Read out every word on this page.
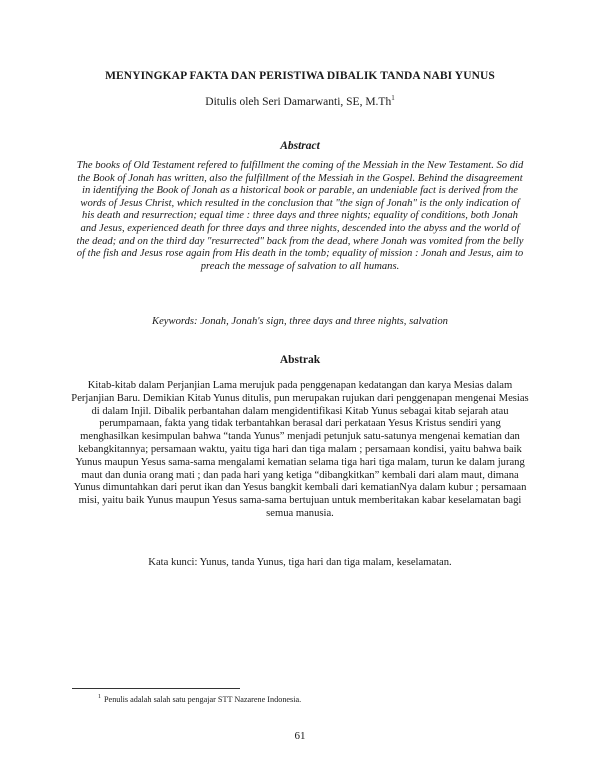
MENYINGKAP FAKTA DAN PERISTIWA DIBALIK TANDA NABI YUNUS
Ditulis oleh Seri Damarwanti, SE, M.Th$^1$
Abstract
The books of Old Testament refered to fulfillment the coming of the Messiah in the New Testament. So did the Book of Jonah has written, also the fulfillment of the Messiah in the Gospel. Behind the disagreement in identifying the Book of Jonah as a historical book or parable, an undeniable fact is derived from the words of Jesus Christ, which resulted in the conclusion that "the sign of Jonah" is the only indication of his death and resurrection; equal time : three days and three nights; equality of conditions, both Jonah and Jesus, experienced death for three days and three nights, descended into the abyss and the world of the dead; and on the third day "resurrected" back from the dead, where Jonah was vomited from the belly of the fish and Jesus rose again from His death in the tomb; equality of mission : Jonah and Jesus, aim to preach the message of salvation to all humans.
Keywords: Jonah, Jonah's sign, three days and three nights, salvation
Abstrak
Kitab-kitab dalam Perjanjian Lama merujuk pada penggenapan kedatangan dan karya Mesias dalam Perjanjian Baru. Demikian Kitab Yunus ditulis, pun merupakan rujukan dari penggenapan mengenai Mesias di dalam Injil. Dibalik perbantahan dalam mengidentifikasi Kitab Yunus sebagai kitab sejarah atau perumpamaan, fakta yang tidak terbantahkan berasal dari perkataan Yesus Kristus sendiri yang menghasilkan kesimpulan bahwa “tanda Yunus” menjadi petunjuk satu-satunya mengenai kematian dan kebangkitannya; persamaan waktu, yaitu tiga hari dan tiga malam ; persamaan kondisi, yaitu bahwa baik Yunus maupun Yesus sama-sama mengalami kematian selama tiga hari tiga malam, turun ke dalam jurang maut dan dunia orang mati ; dan pada hari yang ketiga “dibangkitkan” kembali dari alam maut, dimana Yunus dimuntahkan dari perut ikan dan Yesus bangkit kembali dari kematianNya dalam kubur ; persamaan misi, yaitu baik Yunus maupun Yesus sama-sama bertujuan untuk memberitakan kabar keselamatan bagi semua manusia.
Kata kunci: Yunus, tanda Yunus, tiga hari dan tiga malam, keselamatan.
$^1$ Penulis adalah salah satu pengajar STT Nazarene Indonesia.
61
